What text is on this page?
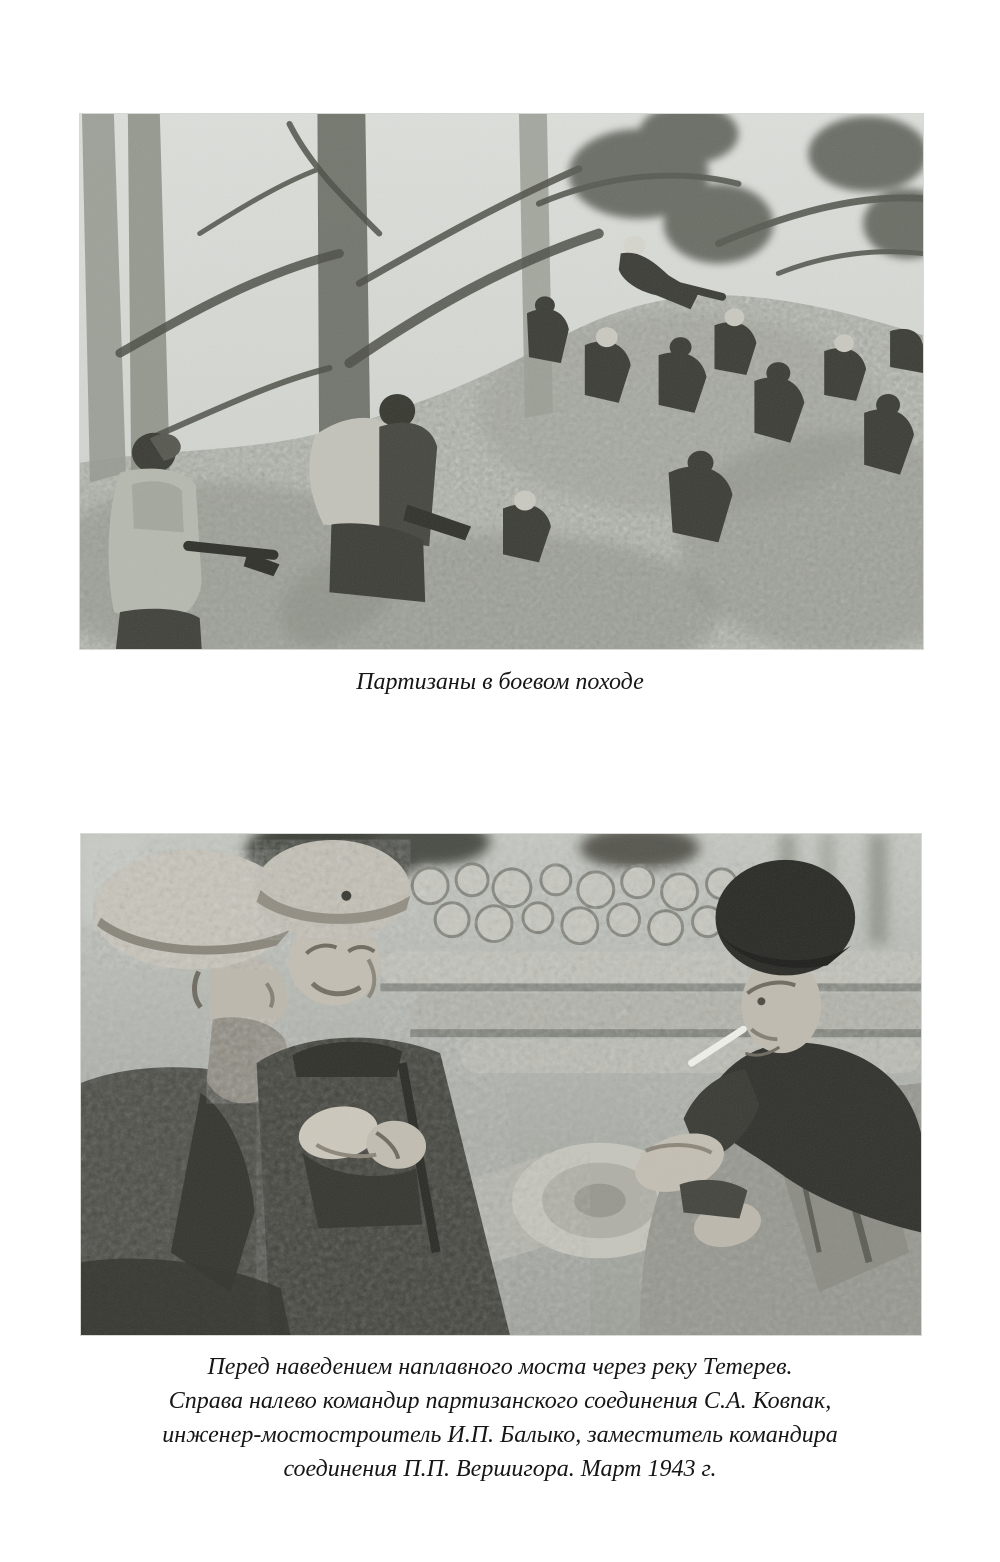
Партизаны в боевом походе
Перед наведением наплавного моста через реку Тетерев.
Справа налево командир партизанского соединения С.А. Ковпак,
инженер-мостостроитель И.П. Балыко, заместитель командира
соединения П.П. Вершигора. Март 1943 г.
